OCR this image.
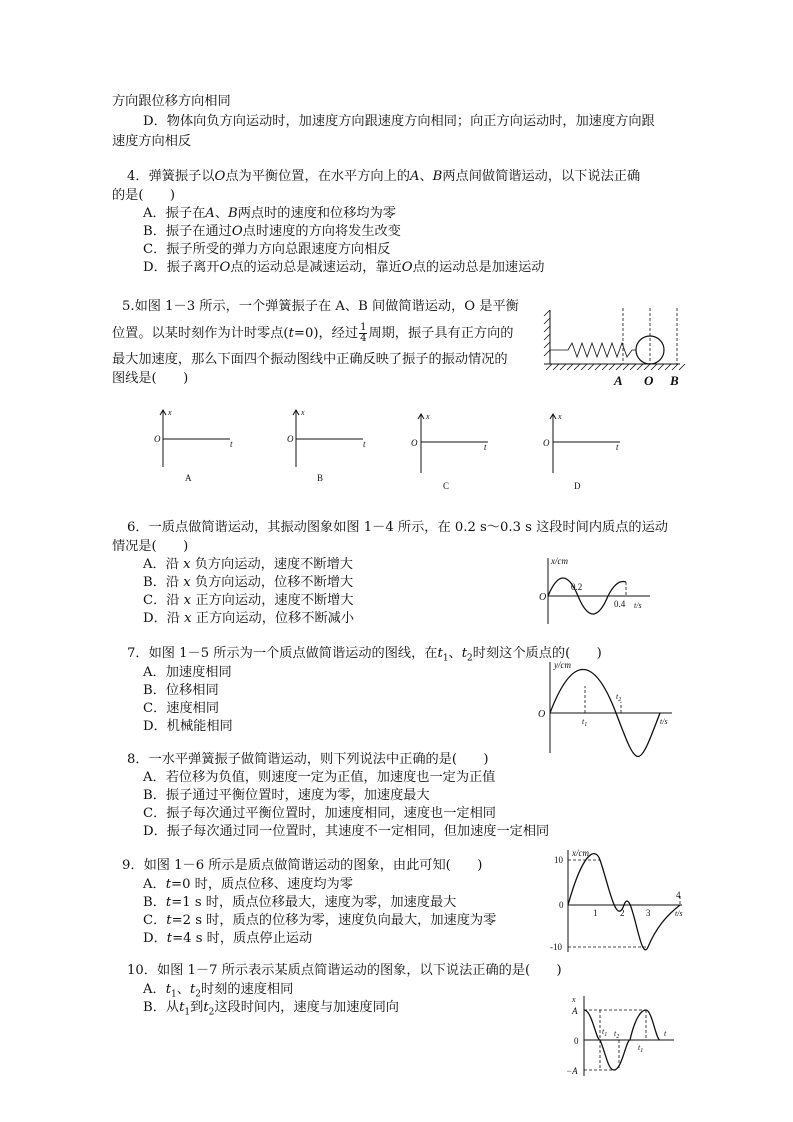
方向跟位移方向相同
D．物体向负方向运动时，加速度方向跟速度方向相同；向正方向运动时，加速度方向跟
速度方向相反
4．弹簧振子以O点为平衡位置，在水平方向上的A、B两点间做简谐运动，以下说法正确
的是(　　)
A．振子在A、B两点时的速度和位移均为零
B．振子在通过O点时速度的方向将发生改变
C．振子所受的弹力方向总跟速度方向相反
D．振子离开O点的运动总是减速运动，靠近O点的运动总是加速运动
5.如图 1－3 所示，一个弹簧振子在 A、B 间做简谐运动，O 是平衡
位置。以某时刻作为计时零点(t=0)，经过 $\frac{1}{4}$ 周期，振子具有正方向的
最大加速度，那么下面四个振动图线中正确反映了振子的振动情况的
图线是(　　)	A O B
x
O	t
A
x
O	t
B
x
O	t
C
x
O	t
D
6．一质点做简谐运动，其振动图象如图 1－4 所示，在 0.2 s～0.3 s 这段时间内质点的运动
情况是(　　)
A．沿 x 负方向运动，速度不断增大
B．沿 x 负方向运动，位移不断增大
C．沿 x 正方向运动，速度不断增大
D．沿 x 正方向运动，位移不断减小
x/cm
O
0.2
0.4 t/s
7．如图 1－5 所示为一个质点做简谐运动的图线，在$t_1$、$t_2$时刻这个质点的(　　)
A．加速度相同
B．位移相同
C．速度相同
D．机械能相同
y/cm
O
$t_1$
$t_2$
t/s
8．一水平弹簧振子做简谐运动，则下列说法中正确的是(　　)
A．若位移为负值，则速度一定为正值，加速度也一定为正值
B．振子通过平衡位置时，速度为零，加速度最大
C．振子每次通过平衡位置时，加速度相同，速度也一定相同
D．振子每次通过同一位置时，其速度不一定相同，但加速度一定相同
9．如图 1－6 所示是质点做简谐运动的图象，由此可知(　　)
A．t=0 时，质点位移、速度均为零
B．t=1 s 时，质点位移最大，速度为零，加速度最大
C．t=2 s 时，质点的位移为零，速度负向最大，加速度为零
D．t=4 s 时，质点停止运动
x/cm
10
-10
0
1	2 3
4
t/s
10．如图 1－7 所示表示某质点简谐运动的图象，以下说法正确的是(　　)
A．$t_1$、$t_2$时刻的速度相同
B．从$t_1$到$t_2$这段时间内，速度与加速度同向
x
A
−A
0
$t_1$ $t_2$
$t_1$
t
